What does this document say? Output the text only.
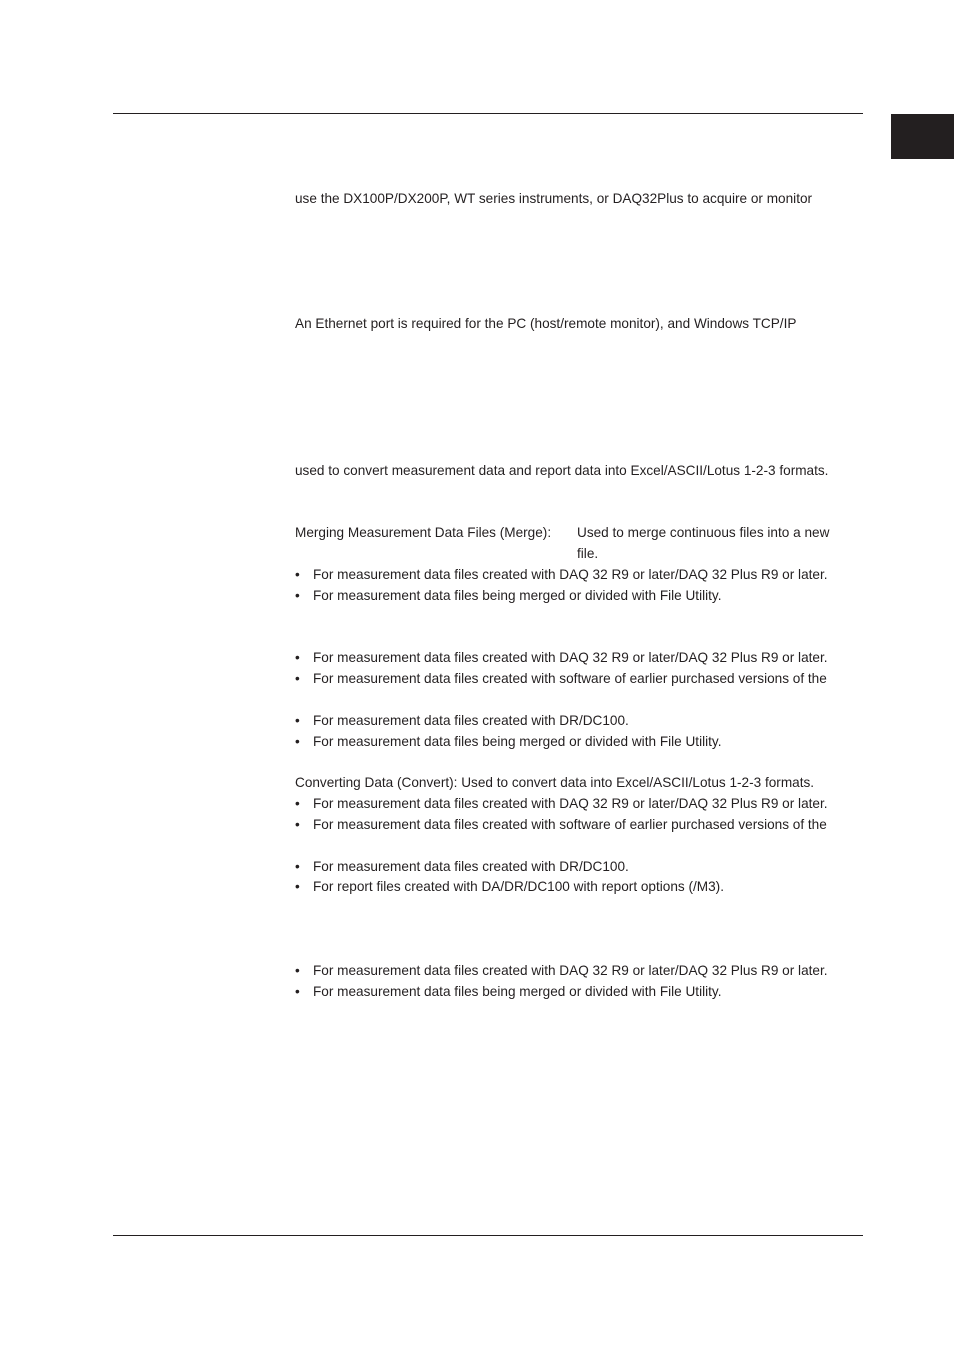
use the DX100P/DX200P, WT series instruments, or DAQ32Plus to acquire or monitor
An Ethernet port is required for the PC (host/remote monitor), and Windows TCP/IP
used to convert measurement data and report data into Excel/ASCII/Lotus 1-2-3 formats.
Merging Measurement Data Files (Merge): Used to merge continuous files into a new
file.
• For measurement data files created with DAQ 32 R9 or later/DAQ 32 Plus R9 or later.
• For measurement data files being merged or divided with File Utility.
• For measurement data files created with DAQ 32 R9 or later/DAQ 32 Plus R9 or later.
• For measurement data files created with software of earlier purchased versions of the
• For measurement data files created with DR/DC100.
• For measurement data files being merged or divided with File Utility.
Converting Data (Convert): Used to convert data into Excel/ASCII/Lotus 1-2-3 formats.
• For measurement data files created with DAQ 32 R9 or later/DAQ 32 Plus R9 or later.
• For measurement data files created with software of earlier purchased versions of the
• For measurement data files created with DR/DC100.
• For report files created with DA/DR/DC100 with report options (/M3).
• For measurement data files created with DAQ 32 R9 or later/DAQ 32 Plus R9 or later.
• For measurement data files being merged or divided with File Utility.
